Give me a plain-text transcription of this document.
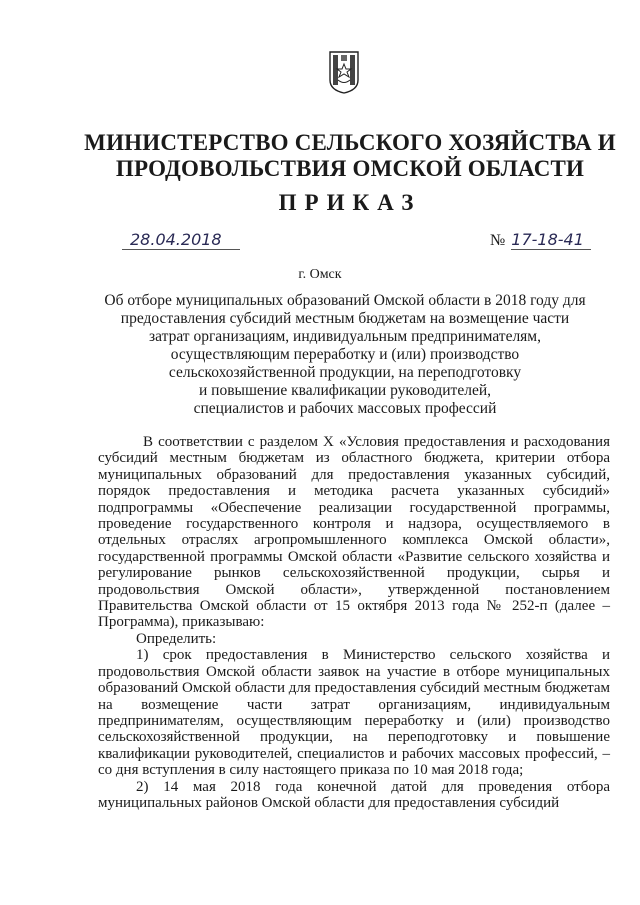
МИНИСТЕРСТВО СЕЛЬСКОГО ХОЗЯЙСТВА И
ПРОДОВОЛЬСТВИЯ ОМСКОЙ ОБЛАСТИ
ПРИКАЗ
28.04.2018	№ 17-18-41
г. Омск
Об отборе муниципальных образований Омской области в 2018 году для
предоставления субсидий местным бюджетам на возмещение части
затрат организациям, индивидуальным предпринимателям,
осуществляющим переработку и (или) производство
сельскохозяйственной продукции, на переподготовку
и повышение квалификации руководителей,
специалистов и рабочих массовых профессий

В соответствии с разделом X «Условия предоставления и расходования субсидий местным бюджетам из областного бюджета, критерии отбора муниципальных образований для предоставления указанных субсидий, порядок предоставления и методика расчета указанных субсидий» подпрограммы «Обеспечение реализации государственной программы, проведение государственного контроля и надзора, осуществляемого в отдельных отраслях агропромышленного комплекса Омской области», государственной программы Омской области «Развитие сельского хозяйства и регулирование рынков сельскохозяйственной продукции, сырья и продовольствия Омской области», утвержденной постановлением Правительства Омской области от 15 октября 2013 года № 252-п (далее – Программа), приказываю:

Определить:

1) срок предоставления в Министерство сельского хозяйства и продовольствия Омской области заявок на участие в отборе муниципальных образований Омской области для предоставления субсидий местным бюджетам на возмещение части затрат организациям, индивидуальным предпринимателям, осуществляющим переработку и (или) производство сельскохозяйственной продукции, на переподготовку и повышение квалификации руководителей, специалистов и рабочих массовых профессий, – со дня вступления в силу настоящего приказа по 10 мая 2018 года;

2) 14 мая 2018 года конечной датой для проведения отбора муниципальных районов Омской области для предоставления субсидий
